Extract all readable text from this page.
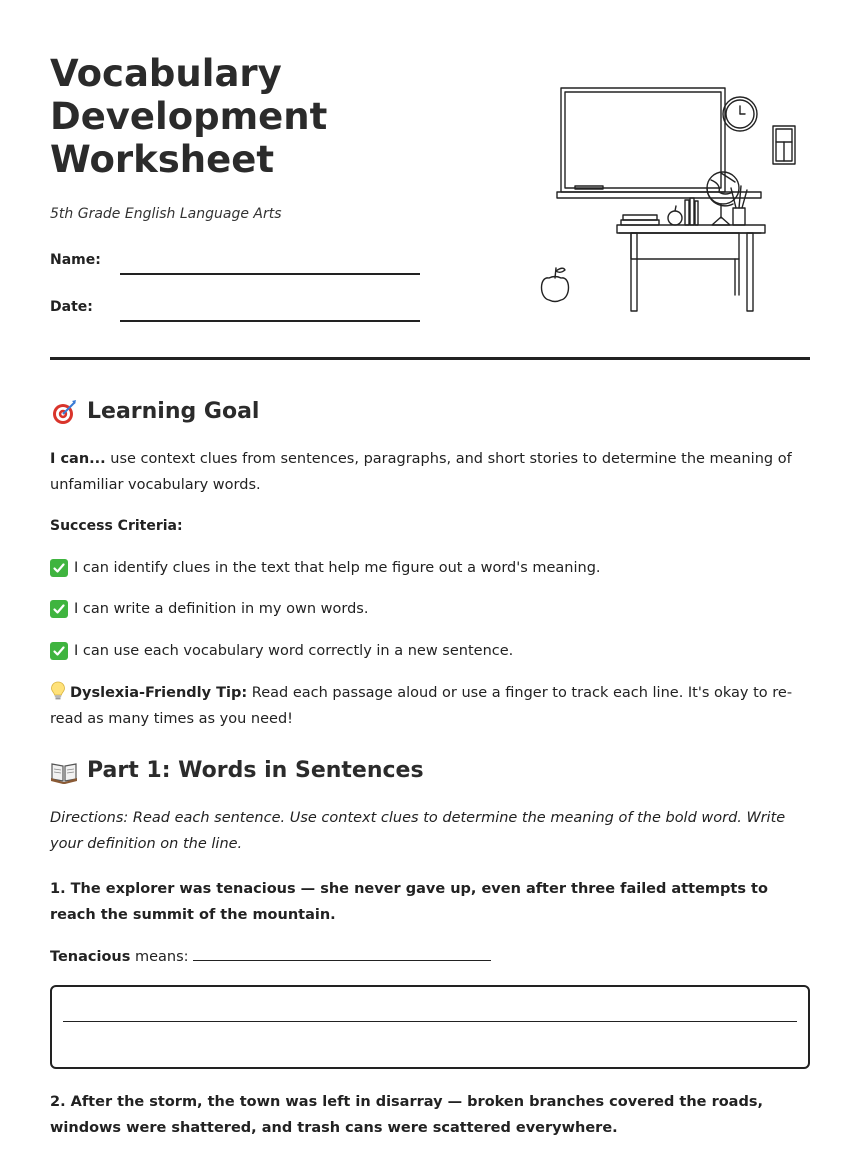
Vocabulary
Development
Worksheet

5th Grade English Language Arts

Name:
Date:
Learning Goal

I can... use context clues from sentences, paragraphs, and short stories to determine the meaning of unfamiliar vocabulary words.

Success Criteria:

I can identify clues in the text that help me figure out a word's meaning.

I can write a definition in my own words.

I can use each vocabulary word correctly in a new sentence.

Dyslexia-Friendly Tip: Read each passage aloud or use a finger to track each line. It's okay to re-read as many times as you need!

Part 1: Words in Sentences

Directions: Read each sentence. Use context clues to determine the meaning of the bold word. Write your definition on the line.

1. The explorer was tenacious — she never gave up, even after three failed attempts to reach the summit of the mountain.

Tenacious means:

2. After the storm, the town was left in disarray — broken branches covered the roads, windows were shattered, and trash cans were scattered everywhere.
